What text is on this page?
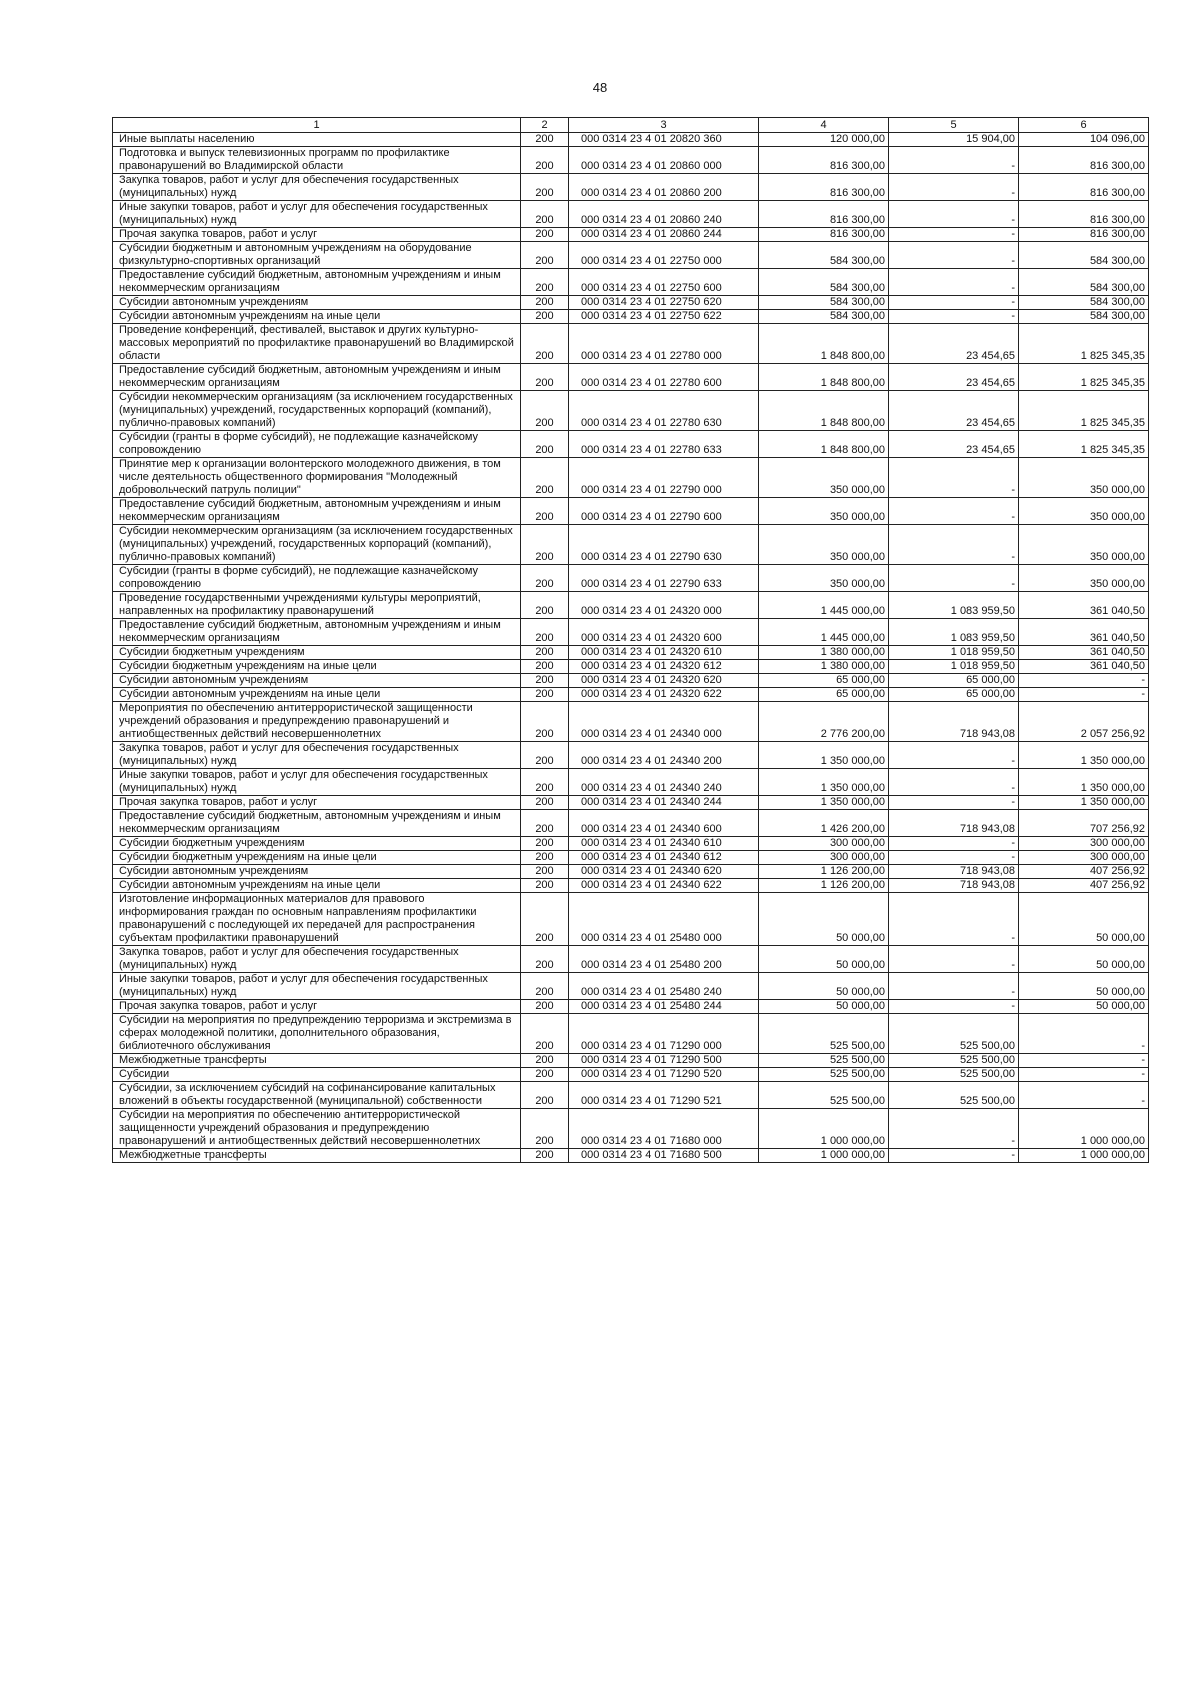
48
1	2	3	4	5	6
Иные выплаты населению	200	000 0314 23 4 01 20820 360	120 000,00	15 904,00	104 096,00
Подготовка и выпуск телевизионных программ по профилактике правонарушений во Владимирской области	200	000 0314 23 4 01 20860 000	816 300,00	-	816 300,00
Закупка товаров, работ и услуг для обеспечения государственных (муниципальных) нужд	200	000 0314 23 4 01 20860 200	816 300,00	-	816 300,00
Иные закупки товаров, работ и услуг для обеспечения государственных (муниципальных) нужд	200	000 0314 23 4 01 20860 240	816 300,00	-	816 300,00
Прочая закупка товаров, работ и услуг	200	000 0314 23 4 01 20860 244	816 300,00	-	816 300,00
Субсидии бюджетным и автономным учреждениям на оборудование физкультурно-спортивных организаций	200	000 0314 23 4 01 22750 000	584 300,00	-	584 300,00
Предоставление субсидий бюджетным, автономным учреждениям и иным некоммерческим организациям	200	000 0314 23 4 01 22750 600	584 300,00	-	584 300,00
Субсидии автономным учреждениям	200	000 0314 23 4 01 22750 620	584 300,00	-	584 300,00
Субсидии автономным учреждениям на иные цели	200	000 0314 23 4 01 22750 622	584 300,00	-	584 300,00
Проведение конференций, фестивалей, выставок и других культурно-массовых мероприятий по профилактике правонарушений во Владимирской области	200	000 0314 23 4 01 22780 000	1 848 800,00	23 454,65	1 825 345,35
Предоставление субсидий бюджетным, автономным учреждениям и иным некоммерческим организациям	200	000 0314 23 4 01 22780 600	1 848 800,00	23 454,65	1 825 345,35
Субсидии некоммерческим организациям (за исключением государственных (муниципальных) учреждений, государственных корпораций (компаний), публично-правовых компаний)	200	000 0314 23 4 01 22780 630	1 848 800,00	23 454,65	1 825 345,35
Субсидии (гранты в форме субсидий), не подлежащие казначейскому сопровождению	200	000 0314 23 4 01 22780 633	1 848 800,00	23 454,65	1 825 345,35
Принятие мер к организации волонтерского молодежного движения, в том числе деятельность общественного формирования "Молодежный добровольческий патруль полиции"	200	000 0314 23 4 01 22790 000	350 000,00	-	350 000,00
Предоставление субсидий бюджетным, автономным учреждениям и иным некоммерческим организациям	200	000 0314 23 4 01 22790 600	350 000,00	-	350 000,00
Субсидии некоммерческим организациям (за исключением государственных (муниципальных) учреждений, государственных корпораций (компаний), публично-правовых компаний)	200	000 0314 23 4 01 22790 630	350 000,00	-	350 000,00
Субсидии (гранты в форме субсидий), не подлежащие казначейскому сопровождению	200	000 0314 23 4 01 22790 633	350 000,00	-	350 000,00
Проведение государственными учреждениями культуры мероприятий, направленных на профилактику правонарушений	200	000 0314 23 4 01 24320 000	1 445 000,00	1 083 959,50	361 040,50
Предоставление субсидий бюджетным, автономным учреждениям и иным некоммерческим организациям	200	000 0314 23 4 01 24320 600	1 445 000,00	1 083 959,50	361 040,50
Субсидии бюджетным учреждениям	200	000 0314 23 4 01 24320 610	1 380 000,00	1 018 959,50	361 040,50
Субсидии бюджетным учреждениям на иные цели	200	000 0314 23 4 01 24320 612	1 380 000,00	1 018 959,50	361 040,50
Субсидии автономным учреждениям	200	000 0314 23 4 01 24320 620	65 000,00	65 000,00	-
Субсидии автономным учреждениям на иные цели	200	000 0314 23 4 01 24320 622	65 000,00	65 000,00	-
Мероприятия по обеспечению антитеррористической защищенности учреждений образования и предупреждению правонарушений и антиобщественных действий несовершеннолетних	200	000 0314 23 4 01 24340 000	2 776 200,00	718 943,08	2 057 256,92
Закупка товаров, работ и услуг для обеспечения государственных (муниципальных) нужд	200	000 0314 23 4 01 24340 200	1 350 000,00	-	1 350 000,00
Иные закупки товаров, работ и услуг для обеспечения государственных (муниципальных) нужд	200	000 0314 23 4 01 24340 240	1 350 000,00	-	1 350 000,00
Прочая закупка товаров, работ и услуг	200	000 0314 23 4 01 24340 244	1 350 000,00	-	1 350 000,00
Предоставление субсидий бюджетным, автономным учреждениям и иным некоммерческим организациям	200	000 0314 23 4 01 24340 600	1 426 200,00	718 943,08	707 256,92
Субсидии бюджетным учреждениям	200	000 0314 23 4 01 24340 610	300 000,00	-	300 000,00
Субсидии бюджетным учреждениям на иные цели	200	000 0314 23 4 01 24340 612	300 000,00	-	300 000,00
Субсидии автономным учреждениям	200	000 0314 23 4 01 24340 620	1 126 200,00	718 943,08	407 256,92
Субсидии автономным учреждениям на иные цели	200	000 0314 23 4 01 24340 622	1 126 200,00	718 943,08	407 256,92
Изготовление информационных материалов для правового информирования граждан по основным направлениям профилактики правонарушений с последующей их передачей для распространения субъектам профилактики правонарушений	200	000 0314 23 4 01 25480 000	50 000,00	-	50 000,00
Закупка товаров, работ и услуг для обеспечения государственных (муниципальных) нужд	200	000 0314 23 4 01 25480 200	50 000,00	-	50 000,00
Иные закупки товаров, работ и услуг для обеспечения государственных (муниципальных) нужд	200	000 0314 23 4 01 25480 240	50 000,00	-	50 000,00
Прочая закупка товаров, работ и услуг	200	000 0314 23 4 01 25480 244	50 000,00	-	50 000,00
Субсидии на мероприятия по предупреждению терроризма и экстремизма в сферах молодежной политики, дополнительного образования, библиотечного обслуживания	200	000 0314 23 4 01 71290 000	525 500,00	525 500,00	-
Межбюджетные трансферты	200	000 0314 23 4 01 71290 500	525 500,00	525 500,00	-
Субсидии	200	000 0314 23 4 01 71290 520	525 500,00	525 500,00	-
Субсидии, за исключением субсидий на софинансирование капитальных вложений в объекты государственной (муниципальной) собственности	200	000 0314 23 4 01 71290 521	525 500,00	525 500,00	-
Субсидии на мероприятия по обеспечению антитеррористической защищенности учреждений образования и предупреждению правонарушений и антиобщественных действий несовершеннолетних	200	000 0314 23 4 01 71680 000	1 000 000,00	-	1 000 000,00
Межбюджетные трансферты	200	000 0314 23 4 01 71680 500	1 000 000,00	-	1 000 000,00
